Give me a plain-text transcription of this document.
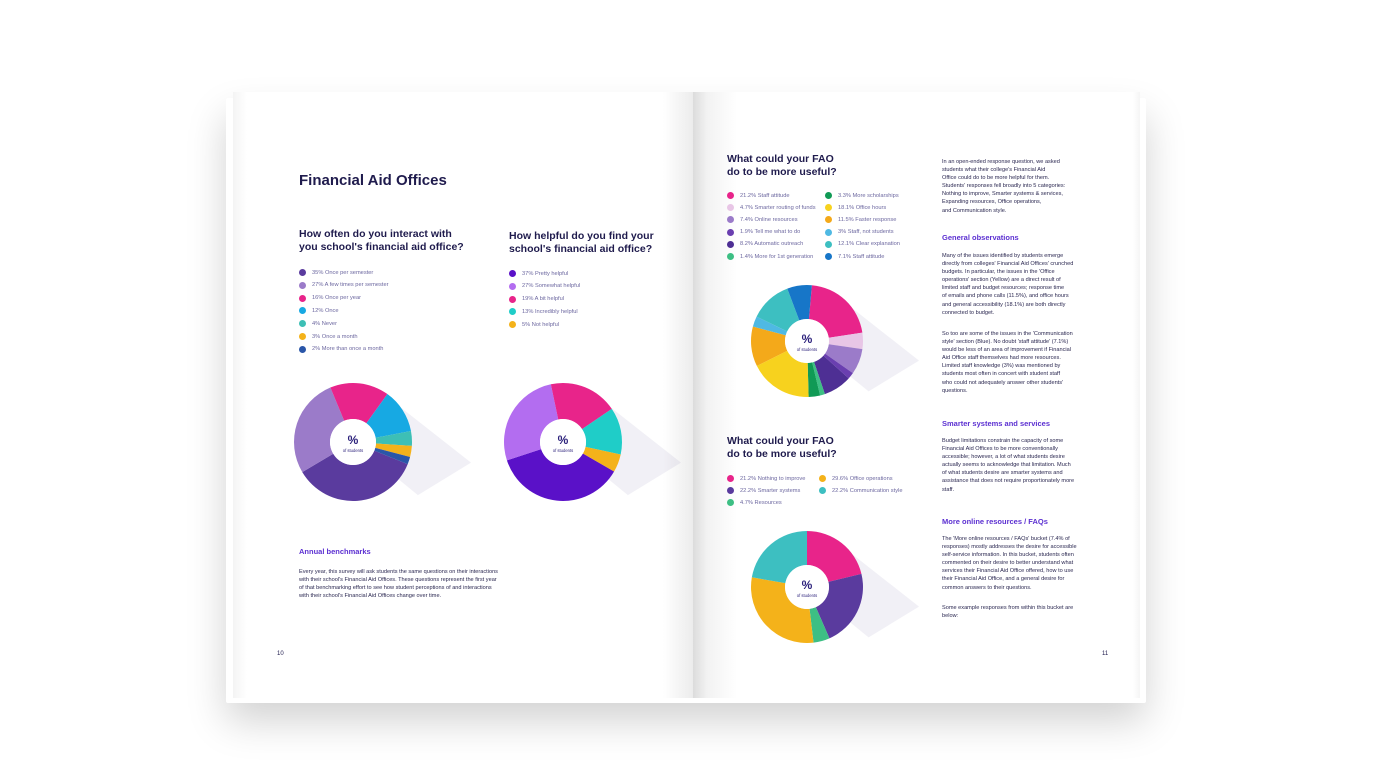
Financial Aid Offices
How often do you interact with
you school's financial aid office?
35% Once per semester
27% A few times per semester
16% Once per year
12% Once
4% Never
3% Once a month
2% More than once a month
How helpful do you find your
school's financial aid office?
37% Pretty helpful
27% Somewhat helpful
19% A bit helpful
13% Incredibly helpful
5% Not helpful
%
of students
%
of students
Annual benchmarks
Every year, this survey will ask students the same questions on their interactions
with their school's Financial Aid Offices. These questions represent the first year
of that benchmarking effort to see how student perceptions of and interactions
with their school's Financial Aid Offices change over time.
10
What could your FAO
do to be more useful?
21.2% Staff attitude
4.7% Smarter routing of funds
7.4% Online resources
1.9% Tell me what to do
8.2% Automatic outreach
1.4% More for 1st generation
3.3% More scholarships
18.1% Office hours
11.5% Faster response
3% Staff, not students
12.1% Clear explanation
7.1% Staff attitude
%
of students
What could your FAO
do to be more useful?
21.2% Nothing to improve
22.2% Smarter systems
4.7% Resources
29.6% Office operations
22.2% Communication style
%
of students
In an open-ended response question, we asked
students what their college's Financial Aid
Office could do to be more helpful for them.
Students' responses fell broadly into 5 categories:
Nothing to improve, Smarter systems & services,
Expanding resources, Office operations,
and Communication style.
General observations
Many of the issues identified by students emerge
directly from colleges' Financial Aid Offices' crunched
budgets. In particular, the issues in the 'Office
operations' section (Yellow) are a direct result of
limited staff and budget resources; response time
of emails and phone calls (11.5%), and office hours
and general accessibility (18.1%) are both directly
connected to budget.
So too are some of the issues in the 'Communication
style' section (Blue). No doubt 'staff attitude' (7.1%)
would be less of an area of improvement if Financial
Aid Office staff themselves had more resources.
Limited staff knowledge (3%) was mentioned by
students most often in concert with student staff
who could not adequately answer other students'
questions.
Smarter systems and services
Budget limitations constrain the capacity of some
Financial Aid Offices to be more conventionally
accessible; however, a lot of what students desire
actually seems to acknowledge that limitation. Much
of what students desire are smarter systems and
assistance that does not require proportionately more
staff.
More online resources / FAQs
The 'More online resources / FAQs' bucket (7.4% of
responses) mostly addresses the desire for accessible
self-service information. In this bucket, students often
commented on their desire to better understand what
services their Financial Aid Office offered, how to use
their Financial Aid Office, and a general desire for
common answers to their questions.
Some example responses from within this bucket are
below:
11
